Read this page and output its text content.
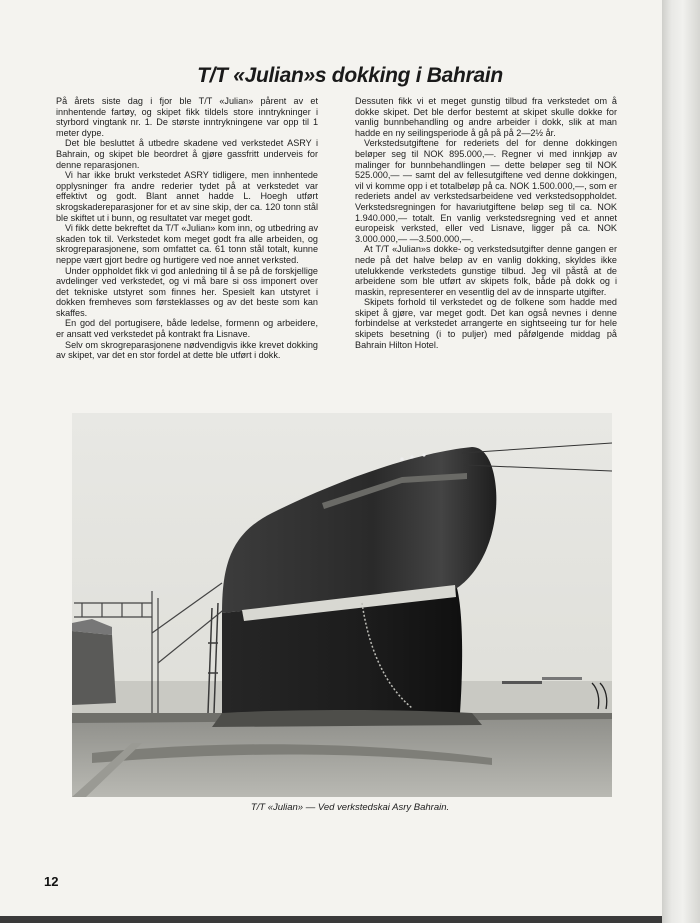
T/T «Julian»s dokking i Bahrain

På årets siste dag i fjor ble T/T «Julian» pårent av et innhentende fartøy, og skipet fikk tildels store inntrykninger i styrbord vingtank nr. 1. De største inntrykningene var opp til 1 meter dype.

Det ble besluttet å utbedre skadene ved verkstedet ASRY i Bahrain, og skipet ble beordret å gjøre gassfritt underveis for denne reparasjonen.

Vi har ikke brukt verkstedet ASRY tidligere, men innhentede opplysninger fra andre rederier tydet på at verkstedet var effektivt og godt. Blant annet hadde L. Hoegh utført skrogskadereparasjoner for et av sine skip, der ca. 120 tonn stål ble skiftet ut i bunn, og resultatet var meget godt.

Vi fikk dette bekreftet da T/T «Julian» kom inn, og utbedring av skaden tok til. Verkstedet kom meget godt fra alle arbeiden, og skrogreparasjonene, som omfattet ca. 61 tonn stål totalt, kunne neppe vært gjort bedre og hurtigere ved noe annet verksted.

Under oppholdet fikk vi god anledning til å se på de forskjellige avdelinger ved verkstedet, og vi må bare si oss imponert over det tekniske utstyret som finnes her. Spesielt kan utstyret i dokken fremheves som førsteklasses og av det beste som kan skaffes.

En god del portugisere, både ledelse, formenn og arbeidere, er ansatt ved verkstedet på kontrakt fra Lisnave.

Selv om skrogreparasjonene nødvendigvis ikke krevet dokking av skipet, var det en stor fordel at dette ble utført i dokk.

Dessuten fikk vi et meget gunstig tilbud fra verkstedet om å dokke skipet. Det ble derfor bestemt at skipet skulle dokke for vanlig bunnbehandling og andre arbeider i dokk, slik at man hadde en ny seilingsperiode å gå på på 2—2½ år.

Verkstedsutgiftene for rederiets del for denne dokkingen beløper seg til NOK 895.000,—. Regner vi med innkjøp av malinger for bunnbehandlingen — dette beløper seg til NOK 525.000,— — samt del av fellesutgiftene ved denne dokkingen, vil vi komme opp i et totalbeløp på ca. NOK 1.500.000,—, som er rederiets andel av verkstedsarbeidene ved verkstedsoppholdet. Verkstedsregningen for havariutgiftene beløp seg til ca. NOK 1.940.000,— totalt. En vanlig verkstedsregning ved et annet europeisk verksted, eller ved Lisnave, ligger på ca. NOK 3.000.000,— —3.500.000,—.

At T/T «Julian»s dokke- og verkstedsutgifter denne gangen er nede på det halve beløp av en vanlig dokking, skyldes ikke utelukkende verkstedets gunstige tilbud. Jeg vil påstå at de arbeidene som ble utført av skipets folk, både på dokk og i maskin, representerer en vesentlig del av de innsparte utgifter.

Skipets forhold til verkstedet og de folkene som hadde med skipet å gjøre, var meget godt. Det kan også nevnes i denne forbindelse at verkstedet arrangerte en sightseeing tur for hele skipets besetning (i to puljer) med påfølgende middag på Bahrain Hilton Hotel.

T/T «Julian» — Ved verkstedskai Asry Bahrain.
12
